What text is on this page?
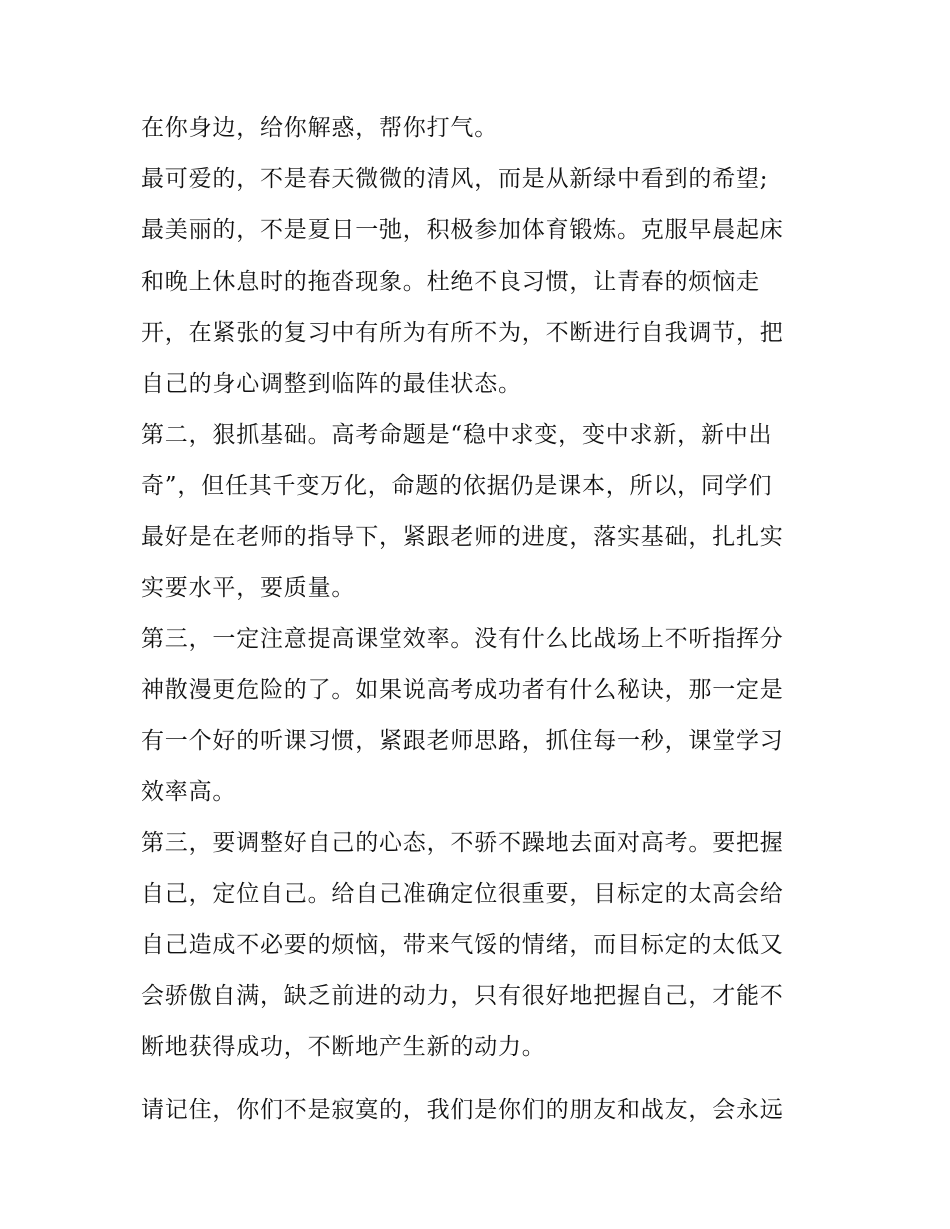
在你身边，给你解惑，帮你打气。
最可爱的，不是春天微微的清风，而是从新绿中看到的希望;
最美丽的，不是夏日一弛，积极参加体育锻炼。克服早晨起床
和晚上休息时的拖沓现象。杜绝不良习惯，让青春的烦恼走
开，在紧张的复习中有所为有所不为，不断进行自我调节，把
自己的身心调整到临阵的最佳状态。
第二，狠抓基础。高考命题是“稳中求变，变中求新，新中出
奇”，但任其千变万化，命题的依据仍是课本，所以，同学们
最好是在老师的指导下，紧跟老师的进度，落实基础，扎扎实
实要水平，要质量。
第三，一定注意提高课堂效率。没有什么比战场上不听指挥分
神散漫更危险的了。如果说高考成功者有什么秘诀，那一定是
有一个好的听课习惯，紧跟老师思路，抓住每一秒，课堂学习
效率高。
第三，要调整好自己的心态，不骄不躁地去面对高考。要把握
自己，定位自己。给自己准确定位很重要，目标定的太高会给
自己造成不必要的烦恼，带来气馁的情绪，而目标定的太低又
会骄傲自满，缺乏前进的动力，只有很好地把握自己，才能不
断地获得成功，不断地产生新的动力。
请记住，你们不是寂寞的，我们是你们的朋友和战友，会永远
